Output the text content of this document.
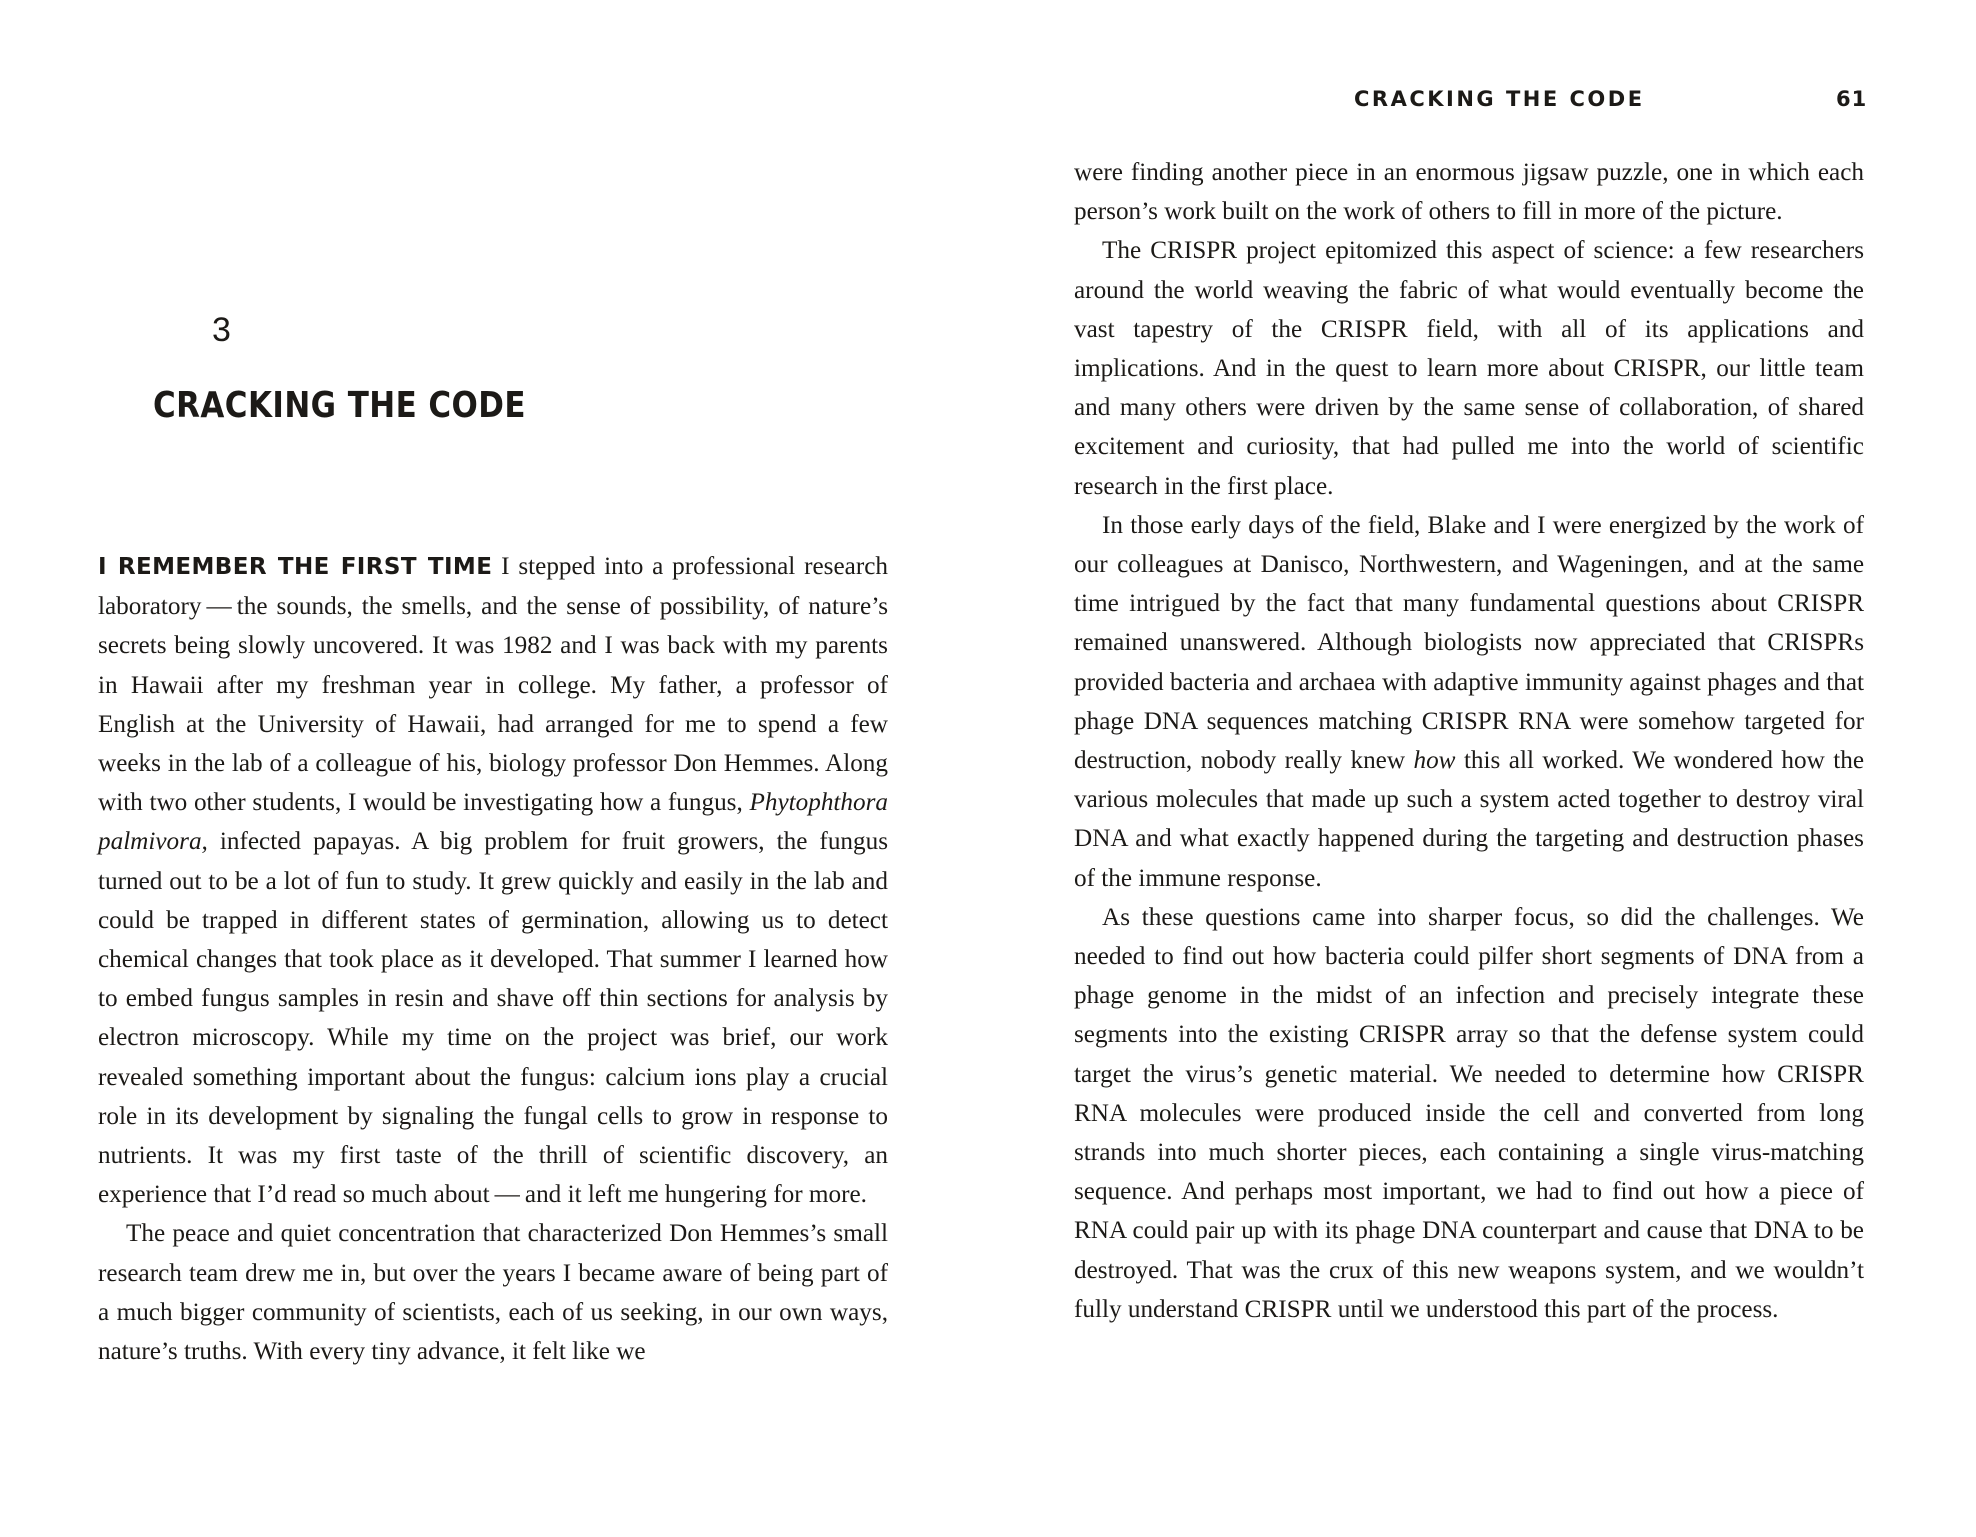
3
CRACKING THE CODE

I REMEMBER THE FIRST TIME I stepped into a professional research laboratory — the sounds, the smells, and the sense of possibility, of nature’s secrets being slowly uncovered. It was 1982 and I was back with my parents in Hawaii after my freshman year in college. My father, a professor of English at the University of Hawaii, had arranged for me to spend a few weeks in the lab of a colleague of his, biology professor Don Hemmes. Along with two other students, I would be investigating how a fungus, Phytophthora palmivora, infected papayas. A big problem for fruit growers, the fungus turned out to be a lot of fun to study. It grew quickly and easily in the lab and could be trapped in different states of germination, allowing us to detect chemical changes that took place as it developed. That summer I learned how to embed fungus samples in resin and shave off thin sections for analysis by electron microscopy. While my time on the project was brief, our work revealed something important about the fungus: calcium ions play a crucial role in its development by signaling the fungal cells to grow in response to nutrients. It was my first taste of the thrill of scientific discovery, an experience that I’d read so much about — and it left me hungering for more.

The peace and quiet concentration that characterized Don Hemmes’s small research team drew me in, but over the years I became aware of being part of a much bigger community of scientists, each of us seeking, in our own ways, nature’s truths. With every tiny advance, it felt like we

CRACKING THE CODE	61

were finding another piece in an enormous jigsaw puzzle, one in which each person’s work built on the work of others to fill in more of the picture.

The CRISPR project epitomized this aspect of science: a few researchers around the world weaving the fabric of what would eventually become the vast tapestry of the CRISPR field, with all of its applications and implications. And in the quest to learn more about CRISPR, our little team and many others were driven by the same sense of collaboration, of shared excitement and curiosity, that had pulled me into the world of scientific research in the first place.

In those early days of the field, Blake and I were energized by the work of our colleagues at Danisco, Northwestern, and Wageningen, and at the same time intrigued by the fact that many fundamental questions about CRISPR remained unanswered. Although biologists now appreciated that CRISPRs provided bacteria and archaea with adaptive immunity against phages and that phage DNA sequences matching CRISPR RNA were somehow targeted for destruction, nobody really knew how this all worked. We wondered how the various molecules that made up such a system acted together to destroy viral DNA and what exactly happened during the targeting and destruction phases of the immune response.

As these questions came into sharper focus, so did the challenges. We needed to find out how bacteria could pilfer short segments of DNA from a phage genome in the midst of an infection and precisely integrate these segments into the existing CRISPR array so that the defense system could target the virus’s genetic material. We needed to determine how CRISPR RNA molecules were produced inside the cell and converted from long strands into much shorter pieces, each containing a single virus-matching sequence. And perhaps most important, we had to find out how a piece of RNA could pair up with its phage DNA counterpart and cause that DNA to be destroyed. That was the crux of this new weapons system, and we wouldn’t fully understand CRISPR until we understood this part of the process.
